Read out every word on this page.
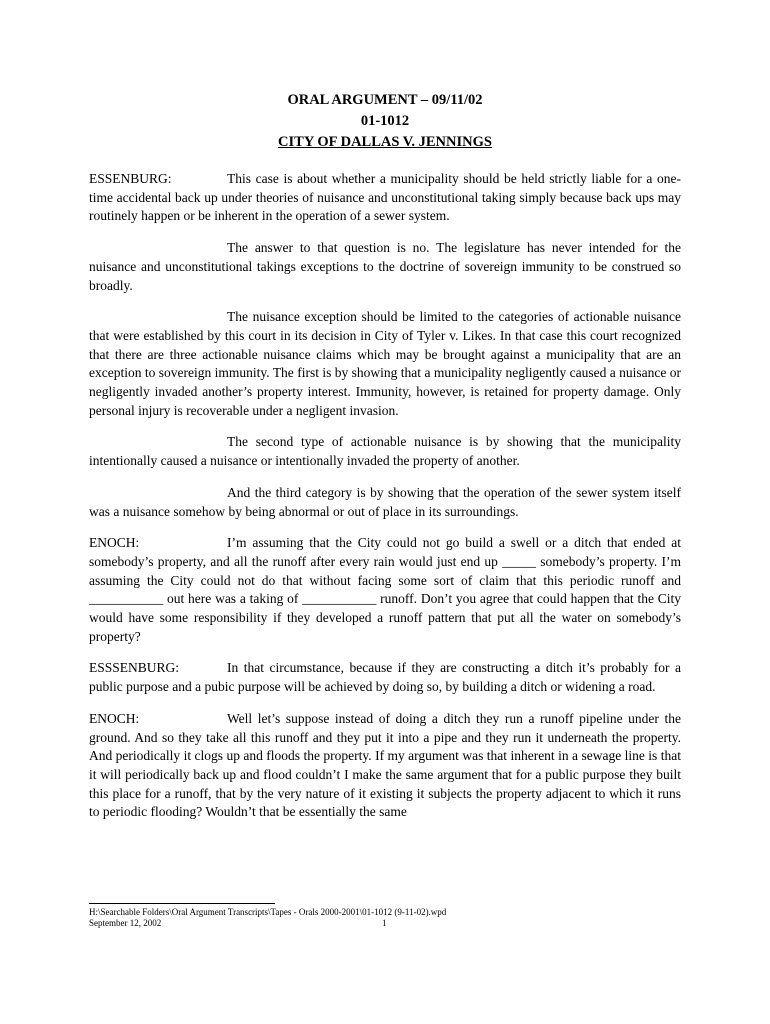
ORAL ARGUMENT – 09/11/02
01-1012
CITY OF DALLAS V. JENNINGS
ESSENBURG:	This case is about whether a municipality should be held strictly liable for a one-time accidental back up under theories of nuisance and unconstitutional taking simply because back ups may routinely happen or be inherent in the operation of a sewer system.
The answer to that question is no. The legislature has never intended for the nuisance and unconstitutional takings exceptions to the doctrine of sovereign immunity to be construed so broadly.
The nuisance exception should be limited to the categories of actionable nuisance that were established by this court in its decision in City of Tyler v. Likes. In that case this court recognized that there are three actionable nuisance claims which may be brought against a municipality that are an exception to sovereign immunity. The first is by showing that a municipality negligently caused a nuisance or negligently invaded another’s property interest. Immunity, however, is retained for property damage. Only personal injury is recoverable under a negligent invasion.
The second type of actionable nuisance is by showing that the municipality intentionally caused a nuisance or intentionally invaded the property of another.
And the third category is by showing that the operation of the sewer system itself was a nuisance somehow by being abnormal or out of place in its surroundings.
ENOCH:	I’m assuming that the City could not go build a swell or a ditch that ended at somebody’s property, and all the runoff after every rain would just end up _____ somebody’s property. I’m assuming the City could not do that without facing some sort of claim that this periodic runoff and ___________ out here was a taking of ___________ runoff. Don’t you agree that could happen that the City would have some responsibility if they developed a runoff pattern that put all the water on somebody’s property?
ESSSENBURG:	In that circumstance, because if they are constructing a ditch it’s probably for a public purpose and a pubic purpose will be achieved by doing so, by building a ditch or widening a road.
ENOCH:	Well let’s suppose instead of doing a ditch they run a runoff pipeline under the ground. And so they take all this runoff and they put it into a pipe and they run it underneath the property. And periodically it clogs up and floods the property. If my argument was that inherent in a sewage line is that it will periodically back up and flood couldn’t I make the same argument that for a public purpose they built this place for a runoff, that by the very nature of it existing it subjects the property adjacent to which it runs to periodic flooding? Wouldn’t that be essentially the same
H:\Searchable Folders\Oral Argument Transcripts\Tapes - Orals 2000-2001\01-1012 (9-11-02).wpd
September 12, 2002	1
